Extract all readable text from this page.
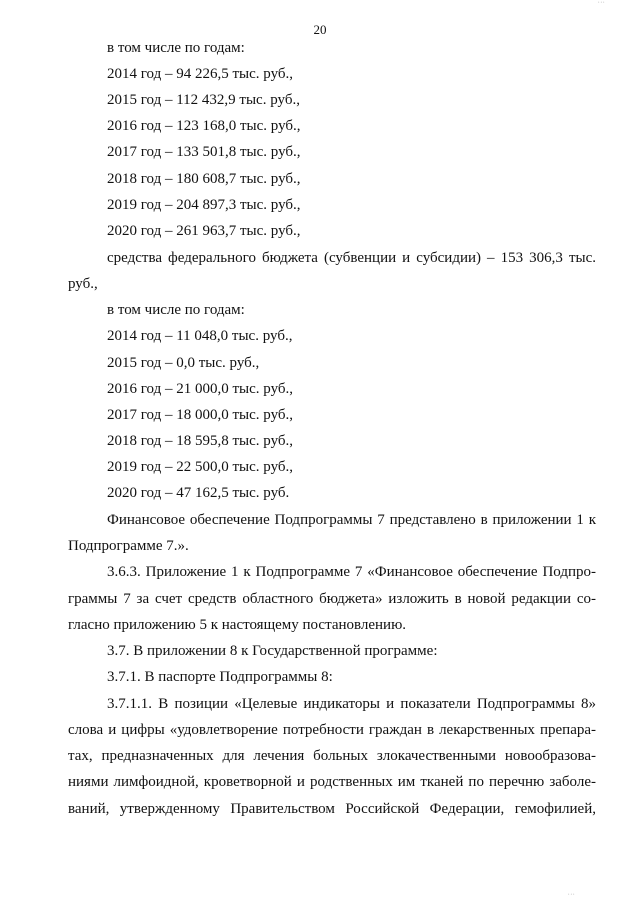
∙∙∙
20
в том числе по годам:
2014 год – 94 226,5 тыс. руб.,
2015 год – 112 432,9 тыс. руб.,
2016 год – 123 168,0 тыс. руб.,
2017 год – 133 501,8 тыс. руб.,
2018 год – 180 608,7 тыс. руб.,
2019 год – 204 897,3 тыс. руб.,
2020 год – 261 963,7 тыс. руб.,
средства федерального бюджета (субвенции и субсидии) – 153 306,3 тыс.
руб.,
в том числе по годам:
2014 год – 11 048,0 тыс. руб.,
2015 год – 0,0 тыс. руб.,
2016 год – 21 000,0 тыс. руб.,
2017 год – 18 000,0 тыс. руб.,
2018 год – 18 595,8 тыс. руб.,
2019 год – 22 500,0 тыс. руб.,
2020 год – 47 162,5 тыс. руб.
Финансовое обеспечение Подпрограммы 7 представлено в приложении 1 к
Подпрограмме 7.».
3.6.3. Приложение 1 к Подпрограмме 7 «Финансовое обеспечение Подпро-
граммы 7 за счет средств областного бюджета» изложить в новой редакции со-
гласно приложению 5 к настоящему постановлению.
3.7. В приложении 8 к Государственной программе:
3.7.1. В паспорте Подпрограммы 8:
3.7.1.1. В позиции «Целевые индикаторы и показатели Подпрограммы 8»
слова и цифры «удовлетворение потребности граждан в лекарственных препара-
тах, предназначенных для лечения больных злокачественными новообразова-
ниями лимфоидной, кроветворной и родственных им тканей по перечню заболе-
ваний, утвержденному Правительством Российской Федерации, гемофилией,
∙∙∙
